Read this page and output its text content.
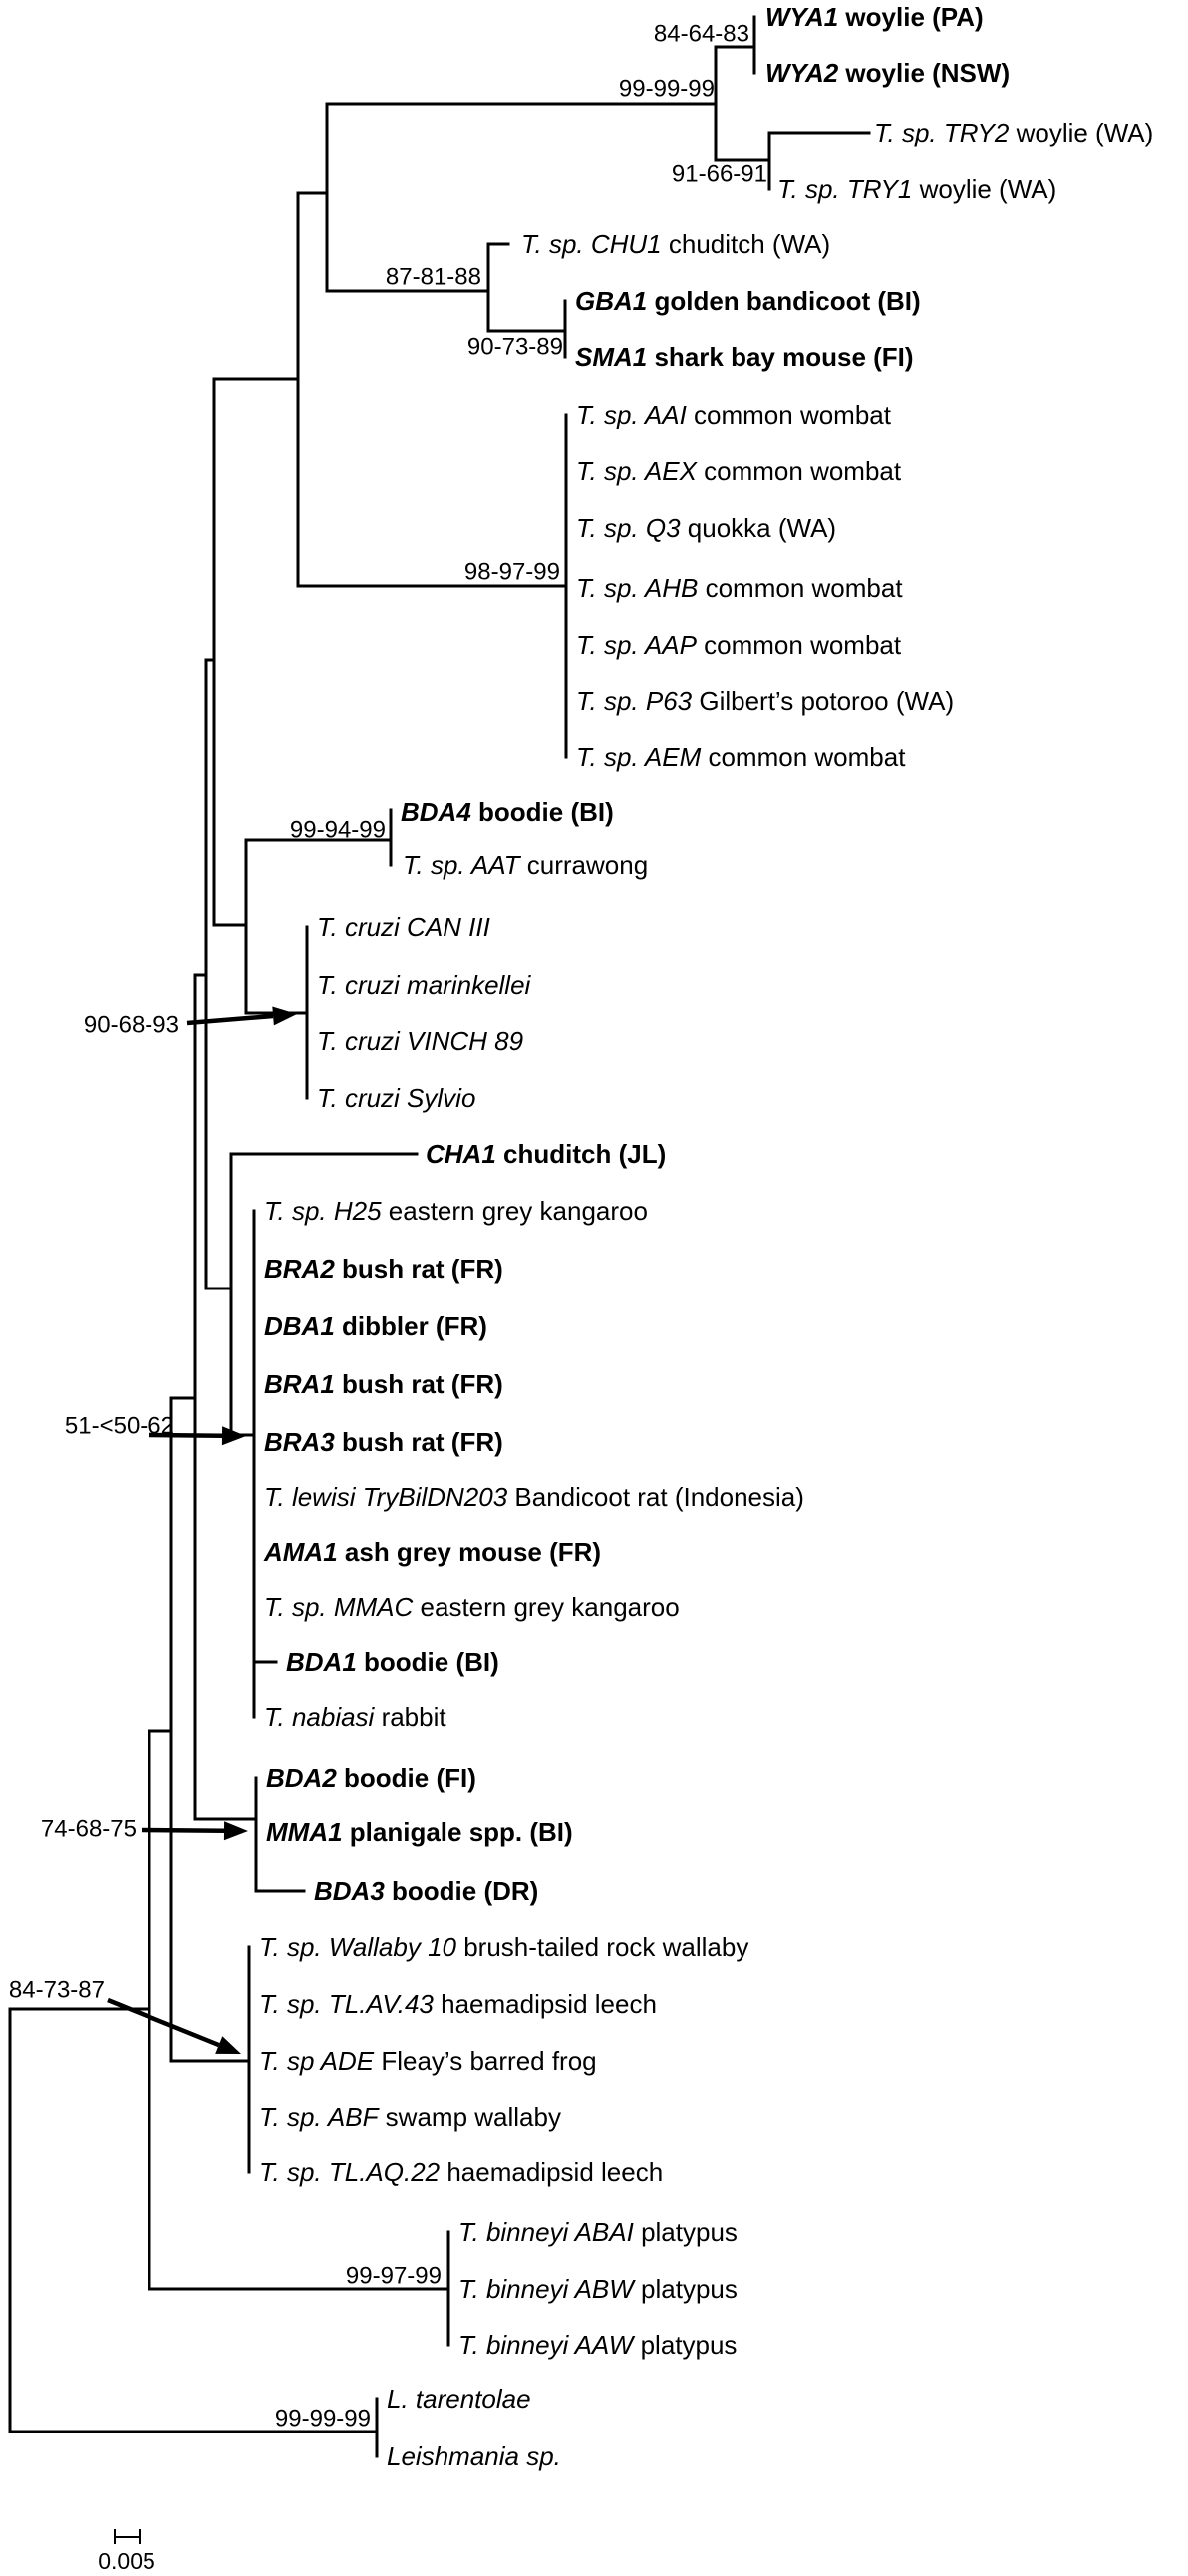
WYA1 woylie (PA)
WYA2 woylie (NSW)
T. sp. TRY2 woylie (WA)
T. sp. TRY1 woylie (WA)
T. sp. CHU1 chuditch (WA)
GBA1 golden bandicoot (BI)
SMA1 shark bay mouse (FI)
T. sp. AAI common wombat
T. sp. AEX common wombat
T. sp. Q3 quokka (WA)
T. sp. AHB common wombat
T. sp. AAP common wombat
T. sp. P63 Gilbert’s potoroo (WA)
T. sp. AEM common wombat
BDA4 boodie (BI)
T. sp. AAT currawong
T. cruzi CAN III
T. cruzi marinkellei
T. cruzi VINCH 89
T. cruzi Sylvio
CHA1 chuditch (JL)
T. sp. H25 eastern grey kangaroo
BRA2 bush rat (FR)
DBA1 dibbler (FR)
BRA1 bush rat (FR)
BRA3 bush rat (FR)
T. lewisi TryBilDN203 Bandicoot rat (Indonesia)
AMA1 ash grey mouse (FR)
T. sp. MMAC eastern grey kangaroo
BDA1 boodie (BI)
T. nabiasi rabbit
BDA2 boodie (FI)
MMA1 planigale spp. (BI)
BDA3 boodie (DR)
T. sp. Wallaby 10 brush-tailed rock wallaby
T. sp. TL.AV.43 haemadipsid leech
T. sp ADE Fleay’s barred frog
T. sp. ABF swamp wallaby
T. sp. TL.AQ.22 haemadipsid leech
T. binneyi ABAI platypus
T. binneyi ABW platypus
T. binneyi AAW platypus
L. tarentolae
Leishmania sp.
84-64-83
99-99-99
91-66-91
87-81-88
90-73-89
98-97-99
99-94-99
90-68-93
51-<50-62
74-68-75
84-73-87
99-97-99
99-99-99
0.005
